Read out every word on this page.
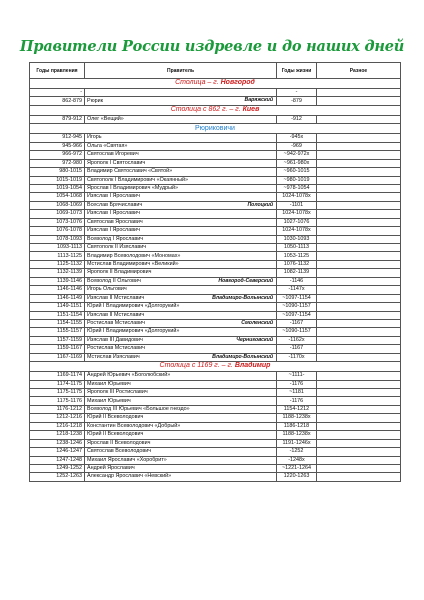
Правители России издревле и до наших дней
Годы правления	Правитель	Годы жизни	Разное
Столица – г. Новгород			
-		-	
862-879	Рюрик Варяжский	-879	
Столица с 862 г. – г. Киев			
879-912	Олег «Вещий»	-912	
Рюриковичи			
912-945	Игорь	-945x	
945-966	Ольга «Святая»	-969	
966-972	Святослав Игоревич	~942-972x	
972-980	Ярополк I Святославич	~961-980x	
980-1015	Владимир Святославич «Святой»	~960-1015	
1015-1019	Святополк I Владимирович «Окаянный»	~980-1019	
1019-1054	Ярослав I Владимирович «Мудрый»	~978-1054	
1054-1068	Изяслав I Ярославич	1024-1078x	
1068-1069	Всеслав Брячиславич Полоцкий	-1101	
1069-1073	Изяслав I Ярославич	1024-1078x	
1073-1076	Святослав Ярославич	1027-1076	
1076-1078	Изяслав I Ярославич	1024-1078x	
1078-1093	Всеволод I Ярославич	1030-1093	
1093-1113	Святополк II Изяславич	1050-1113	
1113-1125	Владимир Всеволодович «Мономах»	1053-1125	
1125-1132	Мстислав Владимирович «Великий»	1076-1132	
1132-1139	Ярополк II Владимирович	1082-1139	
1139-1146	Всеволод II Ольгович Новгород-Северский	-1146	
1146-1146	Игорь Ольгович	-1147x	
1146-1149	Изяслав II Мстиславич Владимиро-Волынский	~1097-1154	
1149-1151	Юрий I Владимирович «Долгорукий»	~1090-1157	
1151-1154	Изяслав II Мстиславич	~1097-1154	
1154-1155	Ростислав Мстиславич Смоленский	-1167	
1155-1157	Юрий I Владимирович «Долгорукий»	~1090-1157	
1157-1159	Изяслав III Давидович Черниговский	-1162x	
1159-1167	Ростислав Мстиславич	-1167	
1167-1169	Мстислав Изяславич Владимиро-Волынский	-1170x	
Столица с 1169 г. – г. Владимир			
1169-1174	Андрей Юрьевич «Боголюбский»	~1111-	
1174-1175	Михаил Юрьевич	-1176	
1175-1175	Ярополк III Ростиславич	~1181	
1175-1176	Михаил Юрьевич	-1176	
1176-1212	Всеволод III Юрьевич «Большое гнездо»	1154-1212	
1212-1216	Юрий II Всеволодович	1188-1238x	
1216-1218	Константин Всеволодович «Добрый»	1186-1218	
1218-1238	Юрий II Всеволодович	1188-1238x	
1238-1246	Ярослав II Всеволодович	1191-1246x	
1246-1247	Святослав Всеволодович	-1252	
1247-1248	Михаил Ярославич «Хоробрит»	-1248x	
1249-1252	Андрей Ярославич	~1221-1264	
1252-1263	Александр Ярославич «Невский»	1220-1263	
